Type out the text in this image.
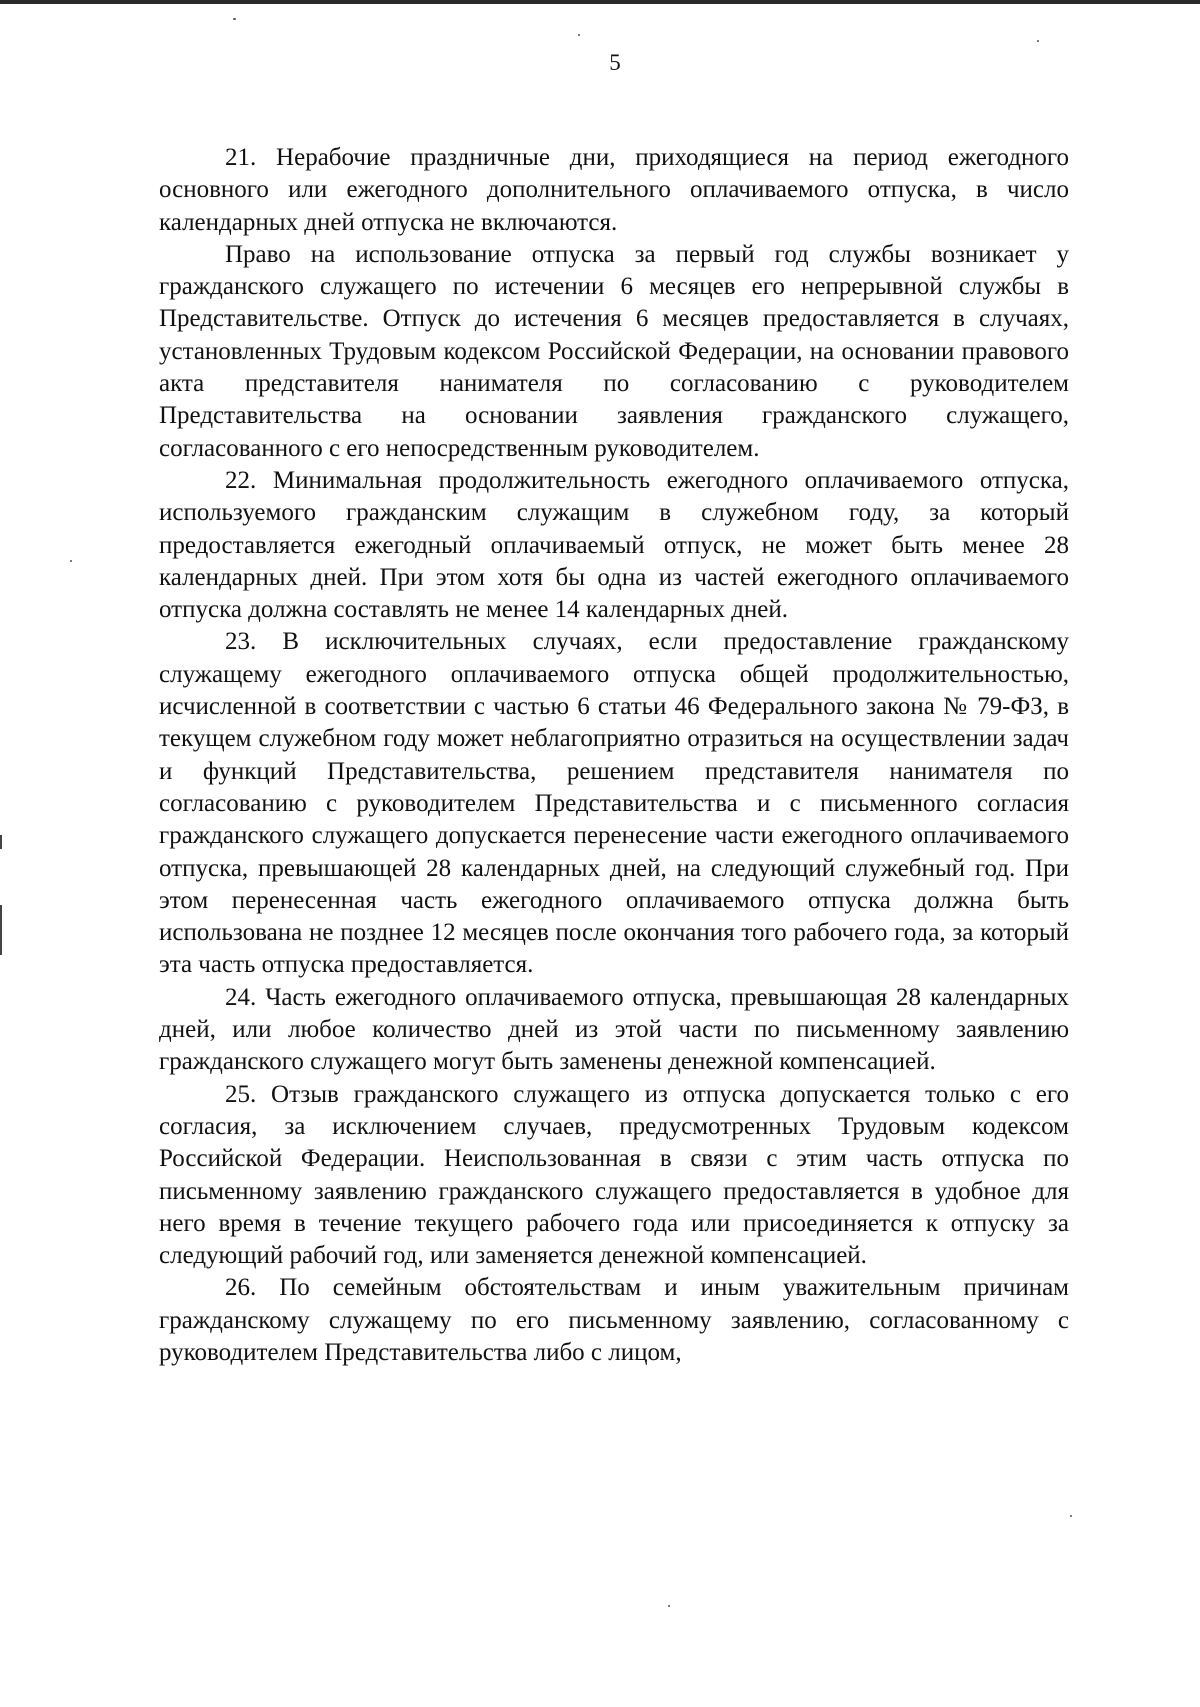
5

21. Нерабочие праздничные дни, приходящиеся на период ежегодного основного или ежегодного дополнительного оплачиваемого отпуска, в число календарных дней отпуска не включаются.

Право на использование отпуска за первый год службы возникает у гражданского служащего по истечении 6 месяцев его непрерывной службы в Представительстве. Отпуск до истечения 6 месяцев предоставляется в случаях, установленных Трудовым кодексом Российской Федерации, на основании правового акта представителя нанимателя по согласованию с руководителем Представительства на основании заявления гражданского служащего, согласованного с его непосредственным руководителем.

22. Минимальная продолжительность ежегодного оплачиваемого отпуска, используемого гражданским служащим в служебном году, за который предоставляется ежегодный оплачиваемый отпуск, не может быть менее 28 календарных дней. При этом хотя бы одна из частей ежегодного оплачиваемого отпуска должна составлять не менее 14 календарных дней.

23. В исключительных случаях, если предоставление гражданскому служащему ежегодного оплачиваемого отпуска общей продолжительностью, исчисленной в соответствии с частью 6 статьи 46 Федерального закона № 79-ФЗ, в текущем служебном году может неблагоприятно отразиться на осуществлении задач и функций Представительства, решением представителя нанимателя по согласованию с руководителем Представительства и с письменного согласия гражданского служащего допускается перенесение части ежегодного оплачиваемого отпуска, превышающей 28 календарных дней, на следующий служебный год. При этом перенесенная часть ежегодного оплачиваемого отпуска должна быть использована не позднее 12 месяцев после окончания того рабочего года, за который эта часть отпуска предоставляется.

24. Часть ежегодного оплачиваемого отпуска, превышающая 28 календарных дней, или любое количество дней из этой части по письменному заявлению гражданского служащего могут быть заменены денежной компенсацией.

25. Отзыв гражданского служащего из отпуска допускается только с его согласия, за исключением случаев, предусмотренных Трудовым кодексом Российской Федерации. Неиспользованная в связи с этим часть отпуска по письменному заявлению гражданского служащего предоставляется в удобное для него время в течение текущего рабочего года или присоединяется к отпуску за следующий рабочий год, или заменяется денежной компенсацией.

26. По семейным обстоятельствам и иным уважительным причинам гражданскому служащему по его письменному заявлению, согласованному с руководителем Представительства либо с лицом,
